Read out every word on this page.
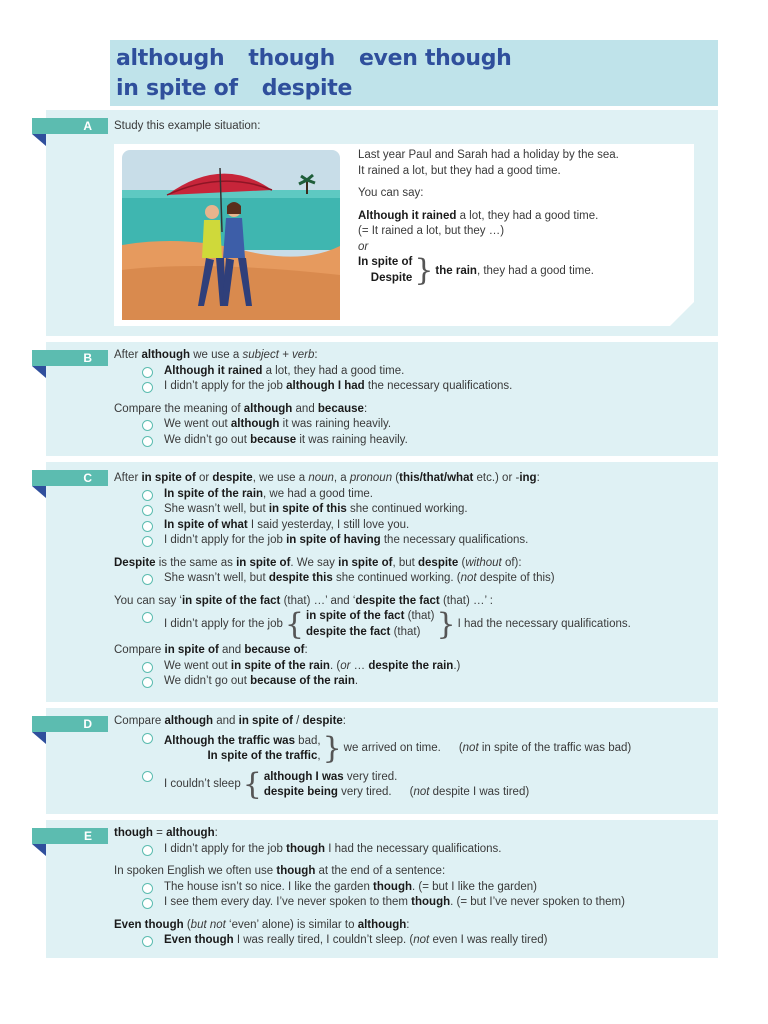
although though even though
in spite of despite
A	Study this example situation:
Last year Paul and Sarah had a holiday by the sea.
It rained a lot, but they had a good time.
You can say:
Although it rained a lot, they had a good time.
(= It rained a lot, but they …)
or
In spite of
Despite } the rain, they had a good time.
B	After although we use a subject + verb:
Although it rained a lot, they had a good time.
I didn’t apply for the job although I had the necessary qualifications.
Compare the meaning of although and because:
We went out although it was raining heavily.
We didn’t go out because it was raining heavily.
C	After in spite of or despite, we use a noun, a pronoun (this/that/what etc.) or -ing:
In spite of the rain, we had a good time.
She wasn’t well, but in spite of this she continued working.
In spite of what I said yesterday, I still love you.
I didn’t apply for the job in spite of having the necessary qualifications.
Despite is the same as in spite of. We say in spite of, but despite (without of):
She wasn’t well, but despite this she continued working. (not despite of this)
You can say ‘in spite of the fact (that) …’ and ‘despite the fact (that) …’ :
I didn’t apply for the job { in spite of the fact (that)
despite the fact (that) } I had the necessary qualifications.
Compare in spite of and because of:
We went out in spite of the rain. (or … despite the rain.)
We didn’t go out because of the rain.
D	Compare although and in spite of / despite:
Although the traffic was bad,
In spite of the traffic, } we arrived on time. (not in spite of the traffic was bad)
I couldn’t sleep { although I was very tired.
despite being very tired. (not despite I was tired)
E	though = although:
I didn’t apply for the job though I had the necessary qualifications.
In spoken English we often use though at the end of a sentence:
The house isn’t so nice. I like the garden though. (= but I like the garden)
I see them every day. I’ve never spoken to them though. (= but I’ve never spoken to them)
Even though (but not ‘even’ alone) is similar to although:
Even though I was really tired, I couldn’t sleep. (not even I was really tired)
